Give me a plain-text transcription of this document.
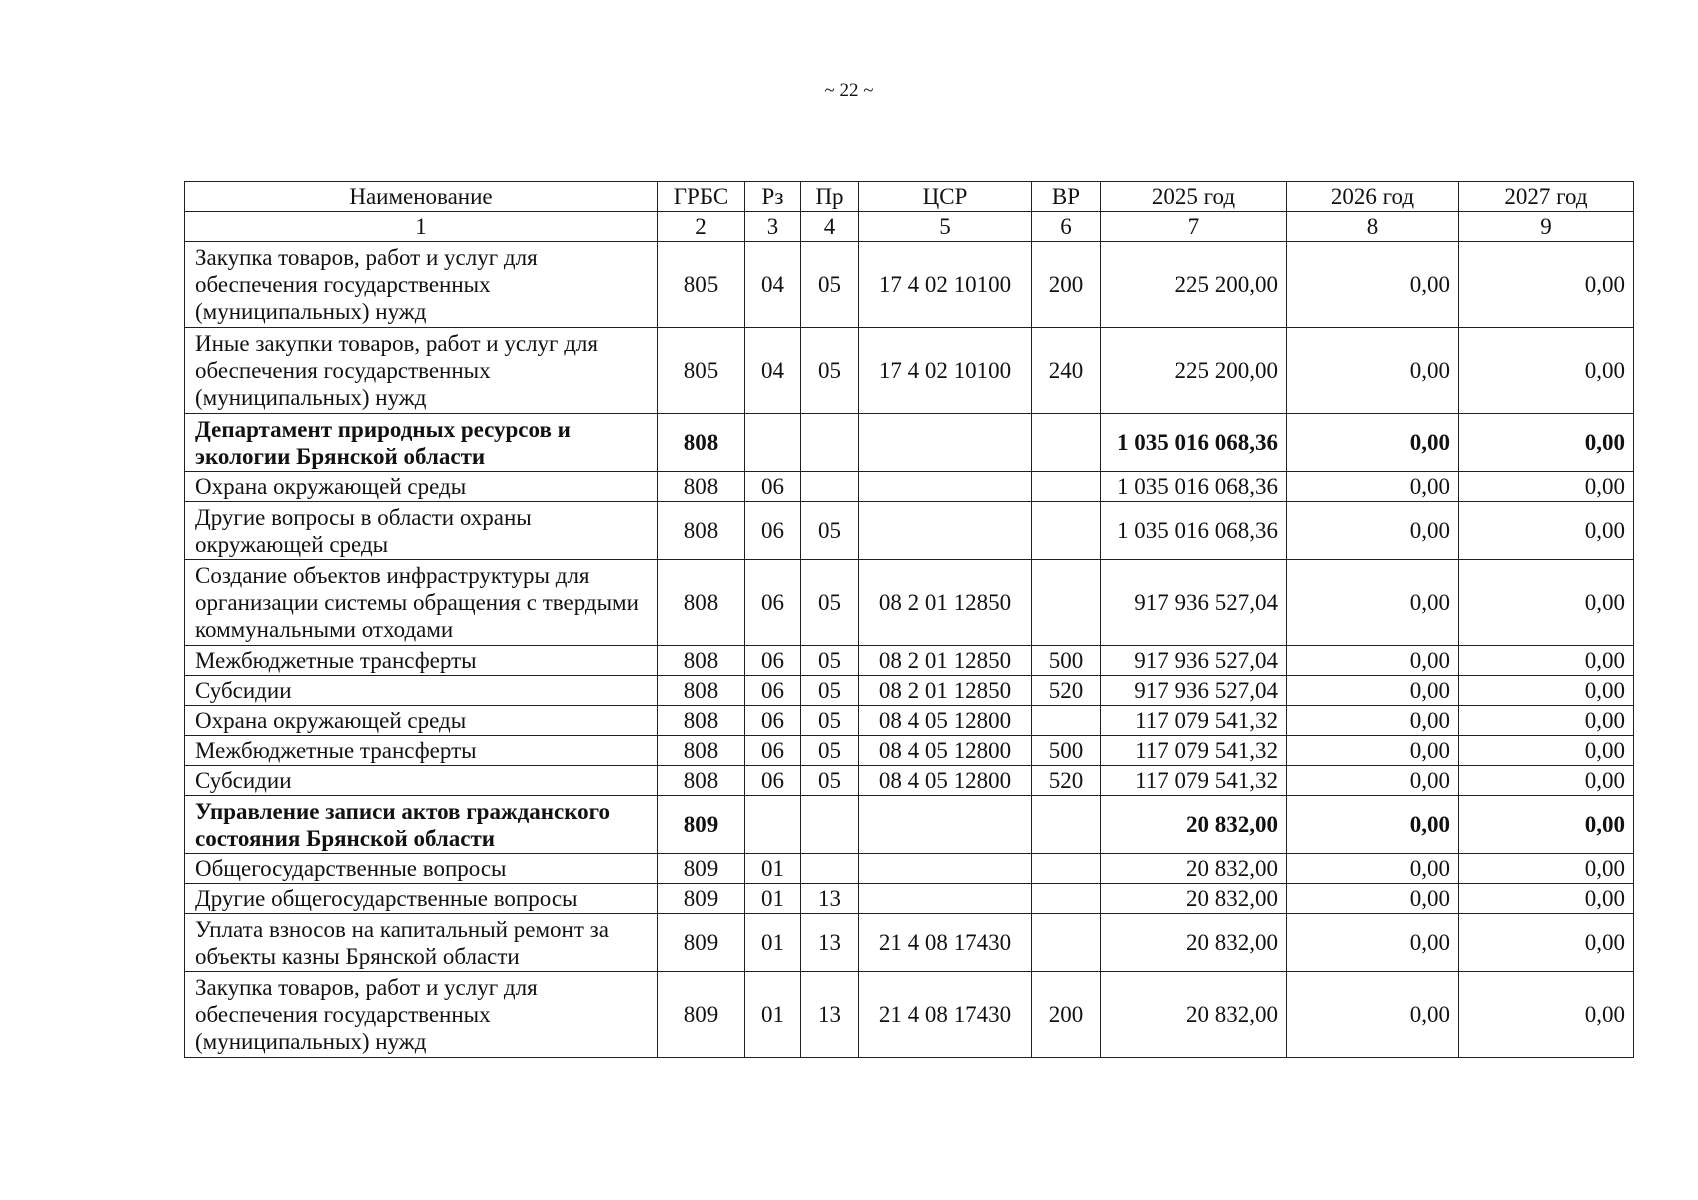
~ 22 ~
Наименование	ГРБС	Рз	Пр	ЦСР	ВР	2025 год	2026 год	2027 год
1	2	3	4	5	6	7	8	9
Закупка товаров, работ и услуг для обеспечения государственных (муниципальных) нужд	805	04	05	17 4 02 10100	200	225 200,00	0,00	0,00
Иные закупки товаров, работ и услуг для обеспечения государственных (муниципальных) нужд	805	04	05	17 4 02 10100	240	225 200,00	0,00	0,00
Департамент природных ресурсов и экологии Брянской области	808					1 035 016 068,36	0,00	0,00
Охрана окружающей среды	808	06				1 035 016 068,36	0,00	0,00
Другие вопросы в области охраны окружающей среды	808	06	05			1 035 016 068,36	0,00	0,00
Создание объектов инфраструктуры для организации системы обращения с твердыми коммунальными отходами	808	06	05	08 2 01 12850		917 936 527,04	0,00	0,00
Межбюджетные трансферты	808	06	05	08 2 01 12850	500	917 936 527,04	0,00	0,00
Субсидии	808	06	05	08 2 01 12850	520	917 936 527,04	0,00	0,00
Охрана окружающей среды	808	06	05	08 4 05 12800		117 079 541,32	0,00	0,00
Межбюджетные трансферты	808	06	05	08 4 05 12800	500	117 079 541,32	0,00	0,00
Субсидии	808	06	05	08 4 05 12800	520	117 079 541,32	0,00	0,00
Управление записи актов гражданского состояния Брянской области	809					20 832,00	0,00	0,00
Общегосударственные вопросы	809	01				20 832,00	0,00	0,00
Другие общегосударственные вопросы	809	01	13			20 832,00	0,00	0,00
Уплата взносов на капитальный ремонт за объекты казны Брянской области	809	01	13	21 4 08 17430		20 832,00	0,00	0,00
Закупка товаров, работ и услуг для обеспечения государственных (муниципальных) нужд	809	01	13	21 4 08 17430	200	20 832,00	0,00	0,00
